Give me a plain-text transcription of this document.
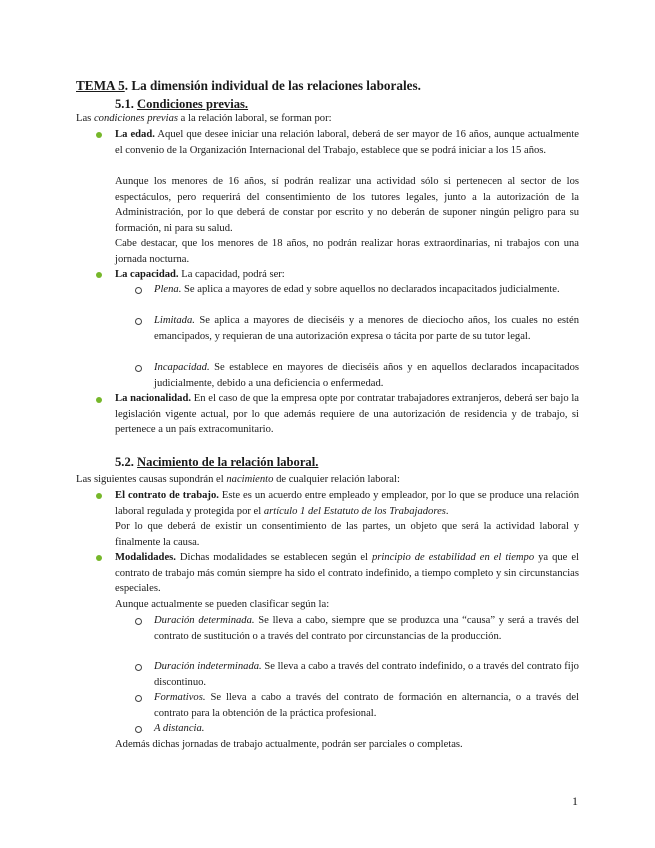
TEMA 5. La dimensión individual de las relaciones laborales.
5.1. Condiciones previas.
Las condiciones previas a la relación laboral, se forman por:
La edad. Aquel que desee iniciar una relación laboral, deberá de ser mayor de 16 años, aunque actualmente el convenio de la Organización Internacional del Trabajo, establece que se podrá iniciar a los 15 años.
Aunque los menores de 16 años, sí podrán realizar una actividad sólo si pertenecen al sector de los espectáculos, pero requerirá del consentimiento de los tutores legales, junto a la autorización de la Administración, por lo que deberá de constar por escrito y no deberán de suponer ningún peligro para su formación, ni para su salud.
Cabe destacar, que los menores de 18 años, no podrán realizar horas extraordinarias, ni trabajos con una jornada nocturna.
La capacidad. La capacidad, podrá ser:
Plena. Se aplica a mayores de edad y sobre aquellos no declarados incapacitados judicialmente.
Limitada. Se aplica a mayores de dieciséis y a menores de dieciocho años, los cuales no estén emancipados, y requieran de una autorización expresa o tácita por parte de su tutor legal.
Incapacidad. Se establece en mayores de dieciséis años y en aquellos declarados incapacitados judicialmente, debido a una deficiencia o enfermedad.
La nacionalidad. En el caso de que la empresa opte por contratar trabajadores extranjeros, deberá ser bajo la legislación vigente actual, por lo que además requiere de una autorización de residencia y de trabajo, si pertenece a un país extracomunitario.
5.2. Nacimiento de la relación laboral.
Las siguientes causas supondrán el nacimiento de cualquier relación laboral:
El contrato de trabajo. Este es un acuerdo entre empleado y empleador, por lo que se produce una relación laboral regulada y protegida por el artículo 1 del Estatuto de los Trabajadores.
Por lo que deberá de existir un consentimiento de las partes, un objeto que será la actividad laboral y finalmente la causa.
Modalidades. Dichas modalidades se establecen según el principio de estabilidad en el tiempo ya que el contrato de trabajo más común siempre ha sido el contrato indefinido, a tiempo completo y sin circunstancias especiales.
Aunque actualmente se pueden clasificar según la:
Duración determinada. Se lleva a cabo, siempre que se produzca una “causa” y será a través del contrato de sustitución o a través del contrato por circunstancias de la producción.
Duración indeterminada. Se lleva a cabo a través del contrato indefinido, o a través del contrato fijo discontinuo.
Formativos. Se lleva a cabo a través del contrato de formación en alternancia, o a través del contrato para la obtención de la práctica profesional.
A distancia.
Además dichas jornadas de trabajo actualmente, podrán ser parciales o completas.
1
